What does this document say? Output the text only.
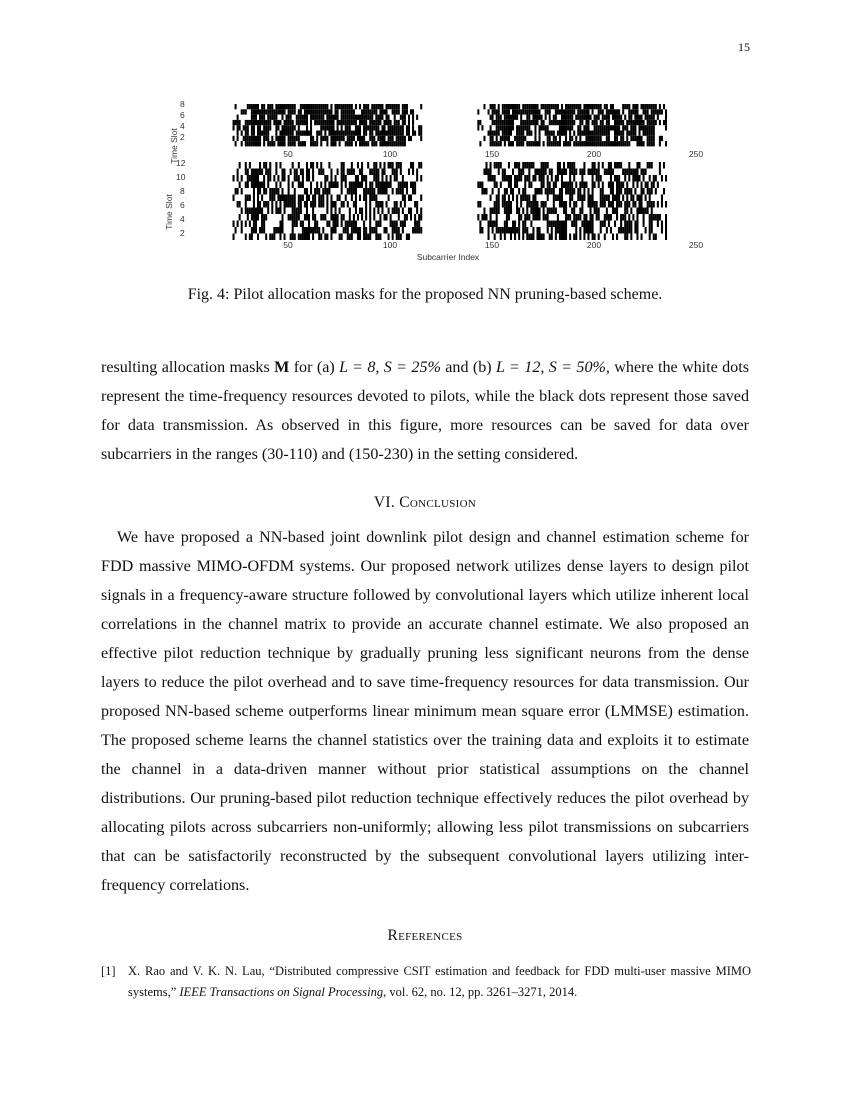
15
Time Slot
8
6
4
2
50	100	150	200	250
Time Slot
12
10
8
6
4
2
50	100	150	200	250
Subcarrier Index
Fig. 4: Pilot allocation masks for the proposed NN pruning-based scheme.

resulting allocation masks M for (a) L = 8, S = 25% and (b) L = 12, S = 50%, where the white dots represent the time-frequency resources devoted to pilots, while the black dots represent those saved for data transmission. As observed in this figure, more resources can be saved for data over subcarriers in the ranges (30-110) and (150-230) in the setting considered.

VI. Conclusion

We have proposed a NN-based joint downlink pilot design and channel estimation scheme for FDD massive MIMO-OFDM systems. Our proposed network utilizes dense layers to design pilot signals in a frequency-aware structure followed by convolutional layers which utilize inherent local correlations in the channel matrix to provide an accurate channel estimate. We also proposed an effective pilot reduction technique by gradually pruning less significant neurons from the dense layers to reduce the pilot overhead and to save time-frequency resources for data transmission. Our proposed NN-based scheme outperforms linear minimum mean square error (LMMSE) estimation. The proposed scheme learns the channel statistics over the training data and exploits it to estimate the channel in a data-driven manner without prior statistical assumptions on the channel distributions. Our pruning-based pilot reduction technique effectively reduces the pilot overhead by allocating pilots across subcarriers non-uniformly; allowing less pilot transmissions on subcarriers that can be satisfactorily reconstructed by the subsequent convolutional layers utilizing inter-frequency correlations.

References
[1] X. Rao and V. K. N. Lau, “Distributed compressive CSIT estimation and feedback for FDD multi-user massive MIMO systems,” IEEE Transactions on Signal Processing, vol. 62, no. 12, pp. 3261–3271, 2014.
